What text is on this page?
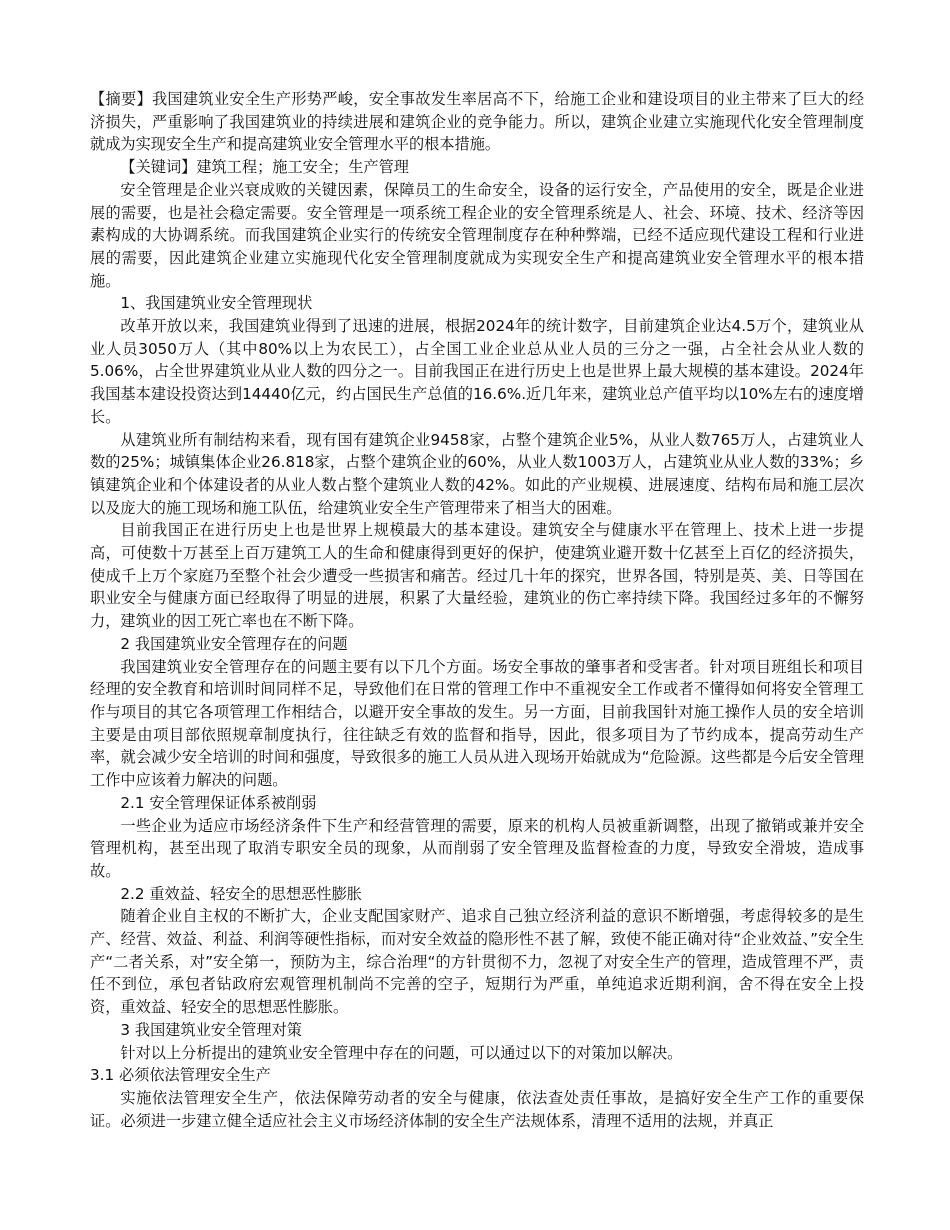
【摘要】我国建筑业安全生产形势严峻，安全事故发生率居高不下，给施工企业和建设项目的业主带来了巨大的经济损失，严重影响了我国建筑业的持续进展和建筑企业的竞争能力。所以，建筑企业建立实施现代化安全管理制度就成为实现安全生产和提高建筑业安全管理水平的根本措施。

【关键词】建筑工程；施工安全；生产管理

安全管理是企业兴衰成败的关键因素，保障员工的生命安全，设备的运行安全，产品使用的安全，既是企业进展的需要，也是社会稳定需要。安全管理是一项系统工程企业的安全管理系统是人、社会、环境、技术、经济等因素构成的大协调系统。而我国建筑企业实行的传统安全管理制度存在种种弊端，已经不适应现代建设工程和行业进展的需要，因此建筑企业建立实施现代化安全管理制度就成为实现安全生产和提高建筑业安全管理水平的根本措施。

1、我国建筑业安全管理现状

改革开放以来，我国建筑业得到了迅速的进展，根据2024年的统计数字，目前建筑企业达4.5万个，建筑业从业人员3050万人（其中80%以上为农民工），占全国工业企业总从业人员的三分之一强，占全社会从业人数的5.06%，占全世界建筑业从业人数的四分之一。目前我国正在进行历史上也是世界上最大规模的基本建设。2024年我国基本建设投资达到14440亿元，约占国民生产总值的16.6%.近几年来，建筑业总产值平均以10%左右的速度增长。

从建筑业所有制结构来看，现有国有建筑企业9458家，占整个建筑企业5%，从业人数765万人，占建筑业人数的25%；城镇集体企业26.818家，占整个建筑企业的60%，从业人数1003万人，占建筑业从业人数的33%；乡镇建筑企业和个体建设者的从业人数占整个建筑业人数的42%。如此的产业规模、进展速度、结构布局和施工层次以及庞大的施工现场和施工队伍，给建筑业安全生产管理带来了相当大的困难。

目前我国正在进行历史上也是世界上规模最大的基本建设。建筑安全与健康水平在管理上、技术上进一步提高，可使数十万甚至上百万建筑工人的生命和健康得到更好的保护，使建筑业避开数十亿甚至上百亿的经济损失，使成千上万个家庭乃至整个社会少遭受一些损害和痛苦。经过几十年的探究，世界各国，特别是英、美、日等国在职业安全与健康方面已经取得了明显的进展，积累了大量经验，建筑业的伤亡率持续下降。我国经过多年的不懈努力，建筑业的因工死亡率也在不断下降。

2 我国建筑业安全管理存在的问题

我国建筑业安全管理存在的问题主要有以下几个方面。场安全事故的肇事者和受害者。针对项目班组长和项目经理的安全教育和培训时间同样不足，导致他们在日常的管理工作中不重视安全工作或者不懂得如何将安全管理工作与项目的其它各项管理工作相结合，以避开安全事故的发生。另一方面，目前我国针对施工操作人员的安全培训主要是由项目部依照规章制度执行，往往缺乏有效的监督和指导，因此，很多项目为了节约成本，提高劳动生产率，就会减少安全培训的时间和强度，导致很多的施工人员从进入现场开始就成为“危险源。这些都是今后安全管理工作中应该着力解决的问题。

2.1 安全管理保证体系被削弱

一些企业为适应市场经济条件下生产和经营管理的需要，原来的机构人员被重新调整，出现了撤销或兼并安全管理机构，甚至出现了取消专职安全员的现象，从而削弱了安全管理及监督检查的力度，导致安全滑坡，造成事故。

2.2 重效益、轻安全的思想恶性膨胀

随着企业自主权的不断扩大，企业支配国家财产、追求自己独立经济利益的意识不断增强，考虑得较多的是生产、经营、效益、利益、利润等硬性指标，而对安全效益的隐形性不甚了解，致使不能正确对待“企业效益、”安全生产“二者关系，对”安全第一，预防为主，综合治理“的方针贯彻不力，忽视了对安全生产的管理，造成管理不严，责任不到位，承包者钻政府宏观管理机制尚不完善的空子，短期行为严重，单纯追求近期利润，舍不得在安全上投资，重效益、轻安全的思想恶性膨胀。

3 我国建筑业安全管理对策

针对以上分析提出的建筑业安全管理中存在的问题，可以通过以下的对策加以解决。

3.1 必须依法管理安全生产

实施依法管理安全生产，依法保障劳动者的安全与健康，依法查处责任事故，是搞好安全生产工作的重要保证。必须进一步建立健全适应社会主义市场经济体制的安全生产法规体系，清理不适用的法规，并真正
